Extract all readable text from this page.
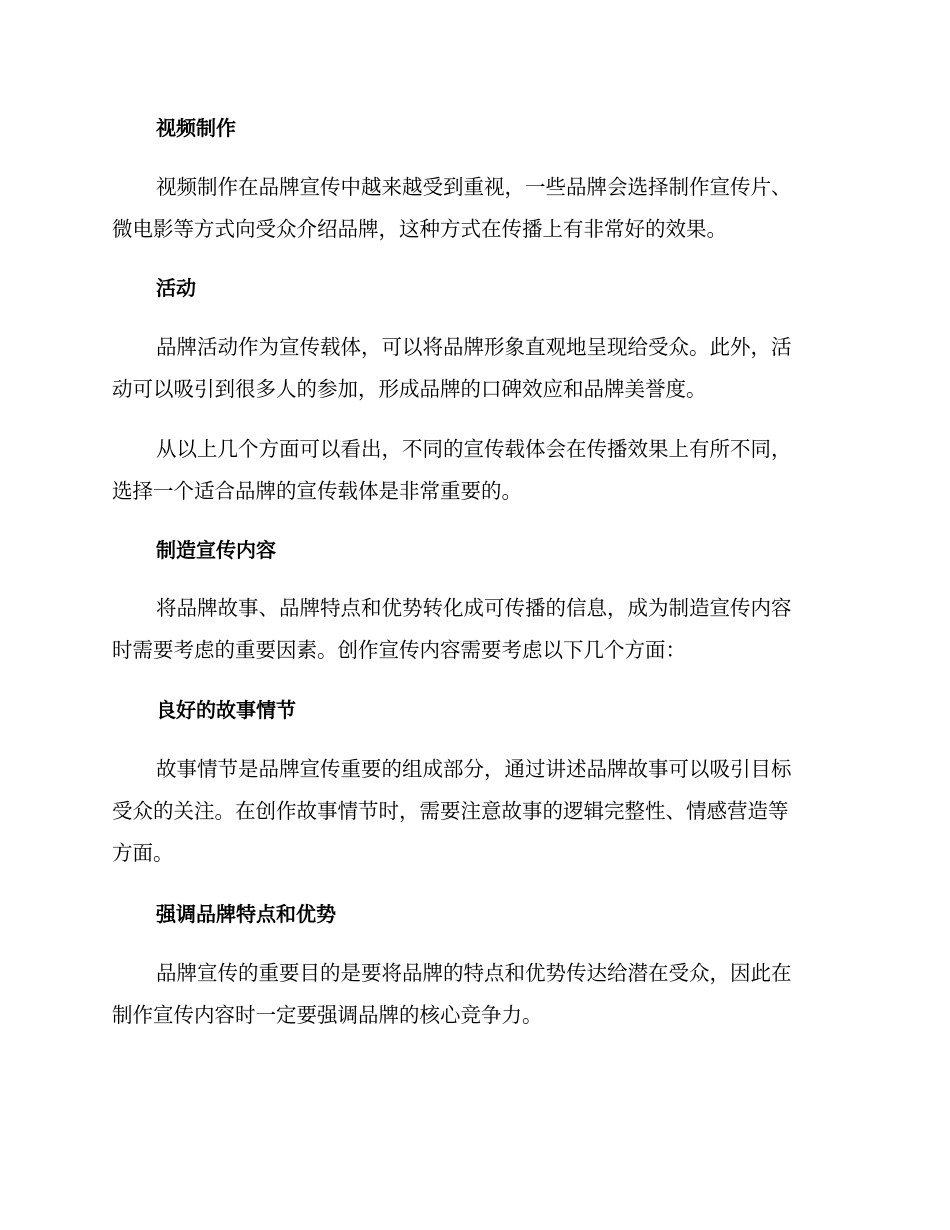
视频制作

视频制作在品牌宣传中越来越受到重视，一些品牌会选择制作宣传片、
微电影等方式向受众介绍品牌，这种方式在传播上有非常好的效果。

活动

品牌活动作为宣传载体，可以将品牌形象直观地呈现给受众。此外，活
动可以吸引到很多人的参加，形成品牌的口碑效应和品牌美誉度。

从以上几个方面可以看出，不同的宣传载体会在传播效果上有所不同，
选择一个适合品牌的宣传载体是非常重要的。

制造宣传内容

将品牌故事、品牌特点和优势转化成可传播的信息，成为制造宣传内容
时需要考虑的重要因素。创作宣传内容需要考虑以下几个方面：

良好的故事情节

故事情节是品牌宣传重要的组成部分，通过讲述品牌故事可以吸引目标
受众的关注。在创作故事情节时，需要注意故事的逻辑完整性、情感营造等
方面。

强调品牌特点和优势

品牌宣传的重要目的是要将品牌的特点和优势传达给潜在受众，因此在
制作宣传内容时一定要强调品牌的核心竞争力。
